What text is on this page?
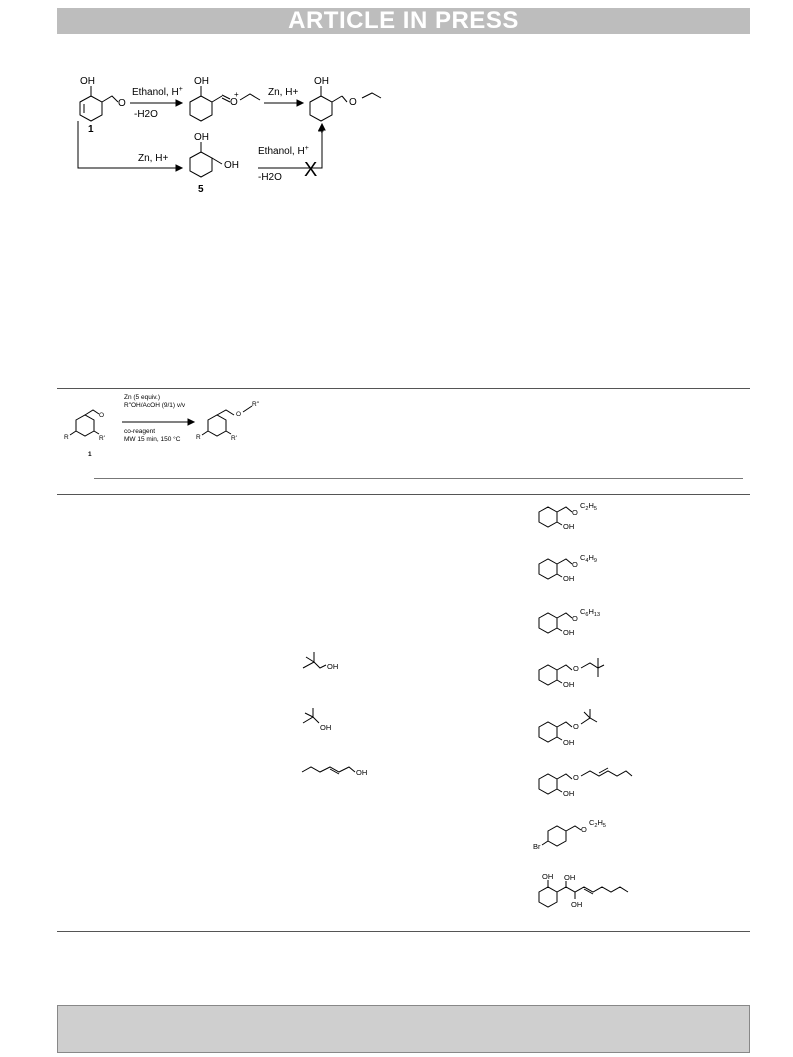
ARTICLE IN PRESS
OH
O
1
Ethanol, H+
-H2O
OH
O
+	Zn, H+
OH
O
4
Zn, H+
OH
OH
5
Ethanol, H+
-H2O X
R	R'
O
1
Zn (5 equiv.)
R"OH/AcOH (9/1) v/v
co-reagent
MW 15 min, 150 °C R	R'
O
R"
OH
OH
OH
O
$C_2H_5$
OH
O
$C_4H_9$
OH
O
$C_6H_{13}$
OH
O
OH
O
OH
O
OH
Br
O
$C_2H_5$
OH OH
OH
